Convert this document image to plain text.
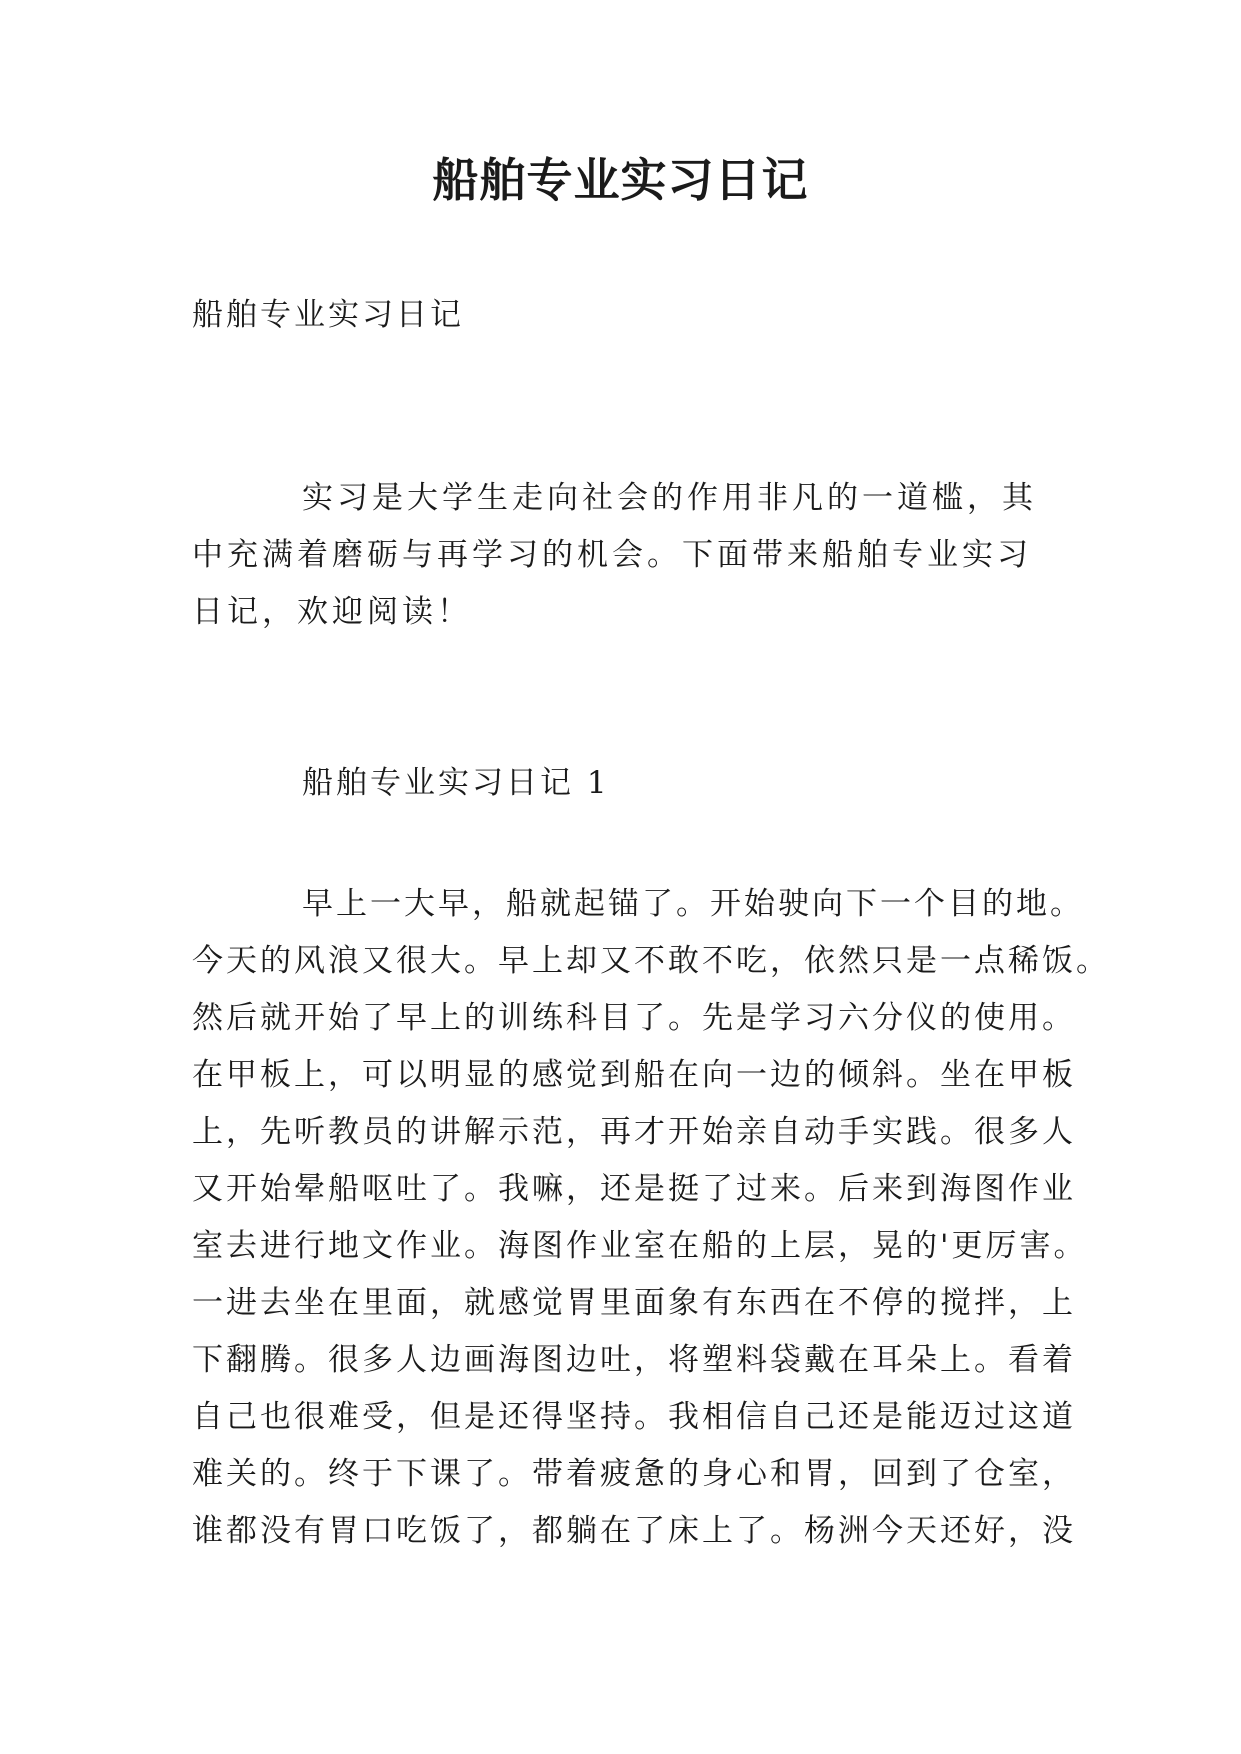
船舶专业实习日记

船舶专业实习日记

实习是大学生走向社会的作用非凡的一道槛，其中充满着磨砺与再学习的机会。下面带来船舶专业实习日记，欢迎阅读！

船舶专业实习日记 1

早上一大早，船就起锚了。开始驶向下一个目的地。
今天的风浪又很大。早上却又不敢不吃，依然只是一点稀饭。
然后就开始了早上的训练科目了。先是学习六分仪的使用。
在甲板上，可以明显的感觉到船在向一边的倾斜。坐在甲板
上，先听教员的讲解示范，再才开始亲自动手实践。很多人
又开始晕船呕吐了。我嘛，还是挺了过来。后来到海图作业
室去进行地文作业。海图作业室在船的上层，晃的'更厉害。
一进去坐在里面，就感觉胃里面象有东西在不停的搅拌，上
下翻腾。很多人边画海图边吐，将塑料袋戴在耳朵上。看着
自己也很难受，但是还得坚持。我相信自己还是能迈过这道
难关的。终于下课了。带着疲惫的身心和胃，回到了仓室，
谁都没有胃口吃饭了，都躺在了床上了。杨洲今天还好，没
